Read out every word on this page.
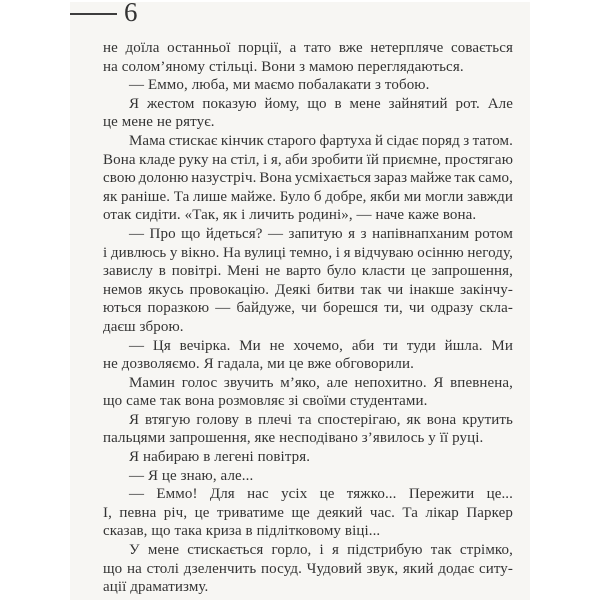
6
не доїла останньої порції, а тато вже нетерпляче совається
на солом’яному стільці. Вони з мамою переглядаються.
— Еммо, люба, ми маємо побалакати з тобою.
Я жестом показую йому, що в мене зайнятий рот. Але
це мене не рятує.
Мама стискає кінчик старого фартуха й сідає поряд з татом.
Вона кладе руку на стіл, і я, аби зробити їй приємне, простягаю
свою долоню назустріч. Вона усміхається зараз майже так само,
як раніше. Та лише майже. Було б добре, якби ми могли завжди
отак сидіти. «Так, як і личить родині», — наче каже вона.
— Про що йдеться? — запитую я з напівнапханим ротом
і дивлюсь у вікно. На вулиці темно, і я відчуваю осінню негоду,
завислу в повітрі. Мені не варто було класти це запрошення,
немов якусь провокацію. Деякі битви так чи інакше закінчу-
ються поразкою — байдуже, чи борешся ти, чи одразу скла-
даєш зброю.
— Ця вечірка. Ми не хочемо, аби ти туди йшла. Ми
не дозволяємо. Я гадала, ми це вже обговорили.
Мамин голос звучить м’яко, але непохитно. Я впевнена,
що саме так вона розмовляє зі своїми студентами.
Я втягую голову в плечі та спостерігаю, як вона крутить
пальцями запрошення, яке несподівано з’явилось у її руці.
Я набираю в легені повітря.
— Я це знаю, але...
— Еммо! Для нас усіх це тяжко... Пережити це...
І, певна річ, це триватиме ще деякий час. Та лікар Паркер
сказав, що така криза в підлітковому віці...
У мене стискається горло, і я підстрибую так стрімко,
що на столі дзеленчить посуд. Чудовий звук, який додає ситу-
ації драматизму.
